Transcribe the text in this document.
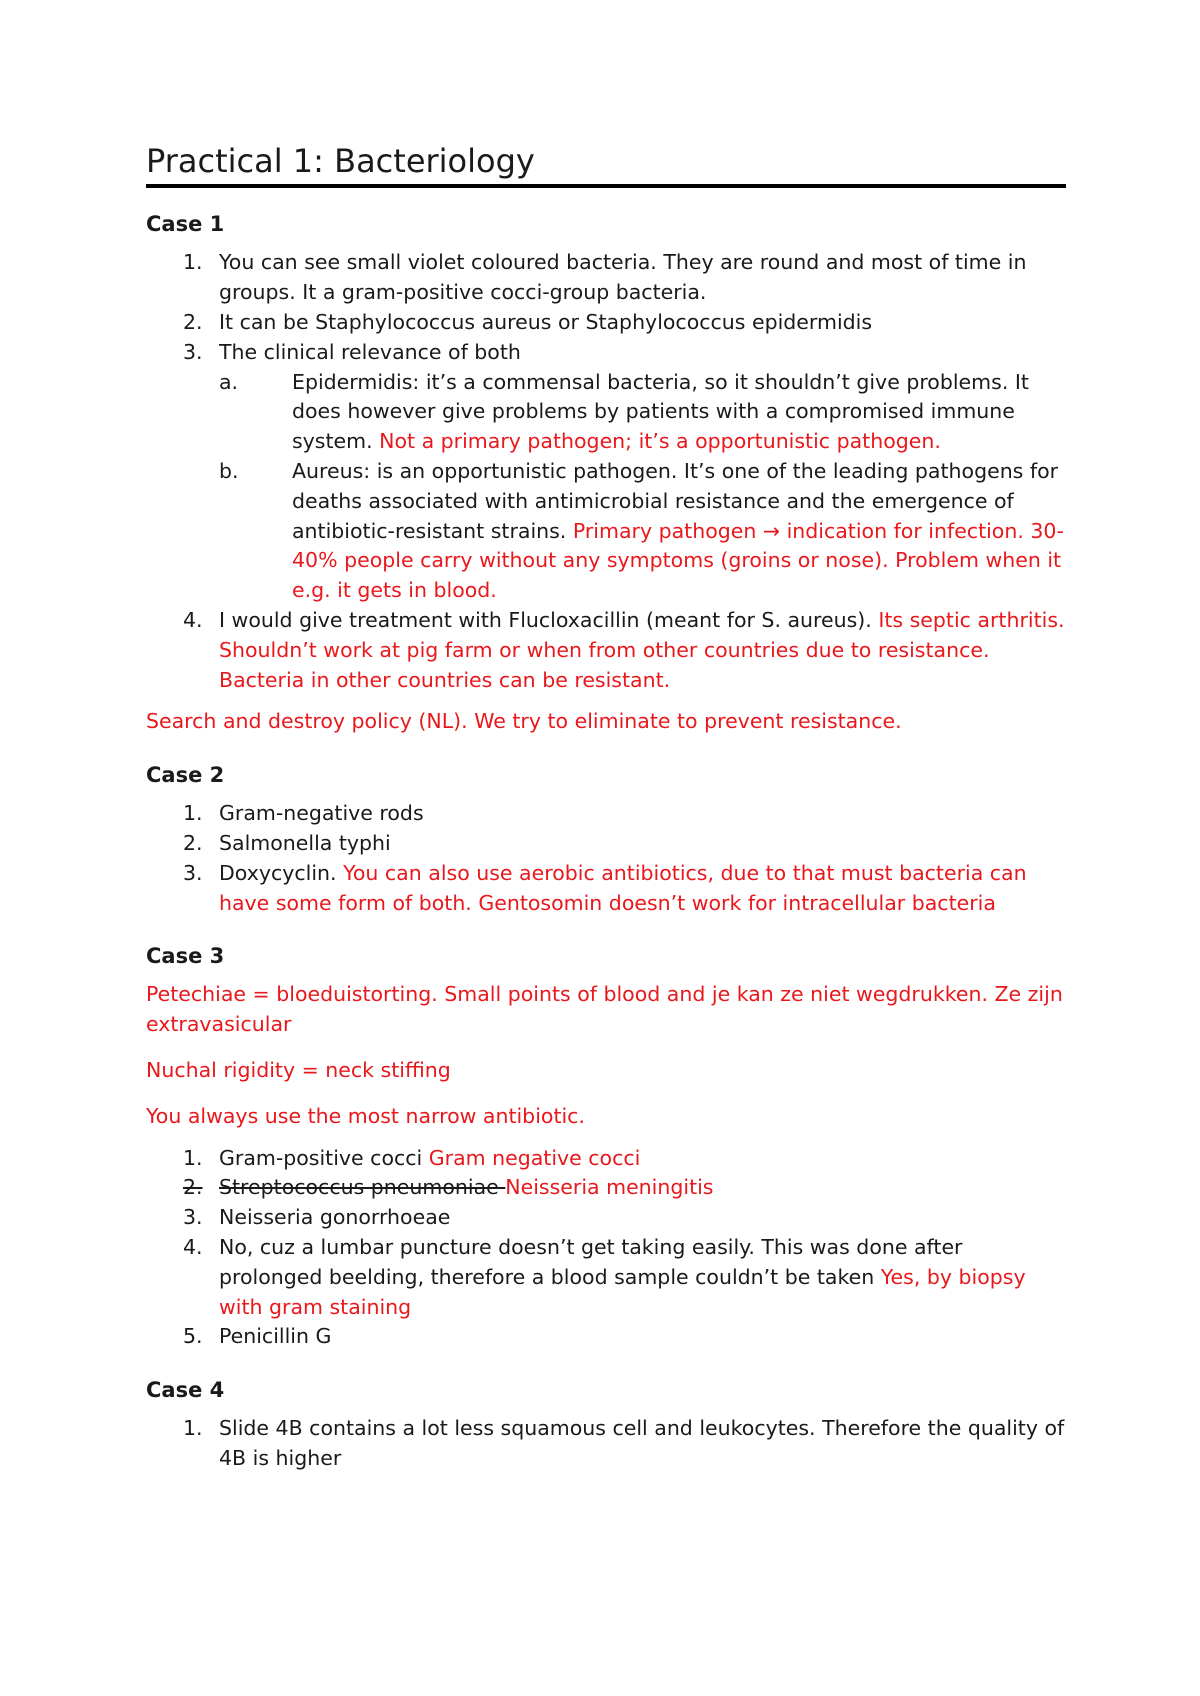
Practical 1: Bacteriology
Case 1
1. You can see small violet coloured bacteria. They are round and most of time in groups. It a gram-positive cocci-group bacteria.
2. It can be Staphylococcus aureus or Staphylococcus epidermidis
3. The clinical relevance of both
a.	Epidermidis: it’s a commensal bacteria, so it shouldn’t give problems. It does however give problems by patients with a compromised immune system. Not a primary pathogen; it’s a opportunistic pathogen.
b.	Aureus: is an opportunistic pathogen. It’s one of the leading pathogens for deaths associated with antimicrobial resistance and the emergence of antibiotic-resistant strains. Primary pathogen → indication for infection. 30-40% people carry without any symptoms (groins or nose). Problem when it e.g. it gets in blood.
4. I would give treatment with Flucloxacillin (meant for S. aureus). Its septic arthritis. Shouldn’t work at pig farm or when from other countries due to resistance. Bacteria in other countries can be resistant.

Search and destroy policy (NL). We try to eliminate to prevent resistance.

Case 2
1. Gram-negative rods
2. Salmonella typhi
3. Doxycyclin. You can also use aerobic antibiotics, due to that must bacteria can have some form of both. Gentosomin doesn’t work for intracellular bacteria
Case 3

Petechiae = bloeduistorting. Small points of blood and je kan ze niet wegdrukken. Ze zijn extravasicular

Nuchal rigidity = neck stiffing

You always use the most narrow antibiotic.

1. Gram-positive cocci Gram negative cocci
2. Streptococcus pneumoniae Neisseria meningitis
3. Neisseria gonorrhoeae
4. No, cuz a lumbar puncture doesn’t get taking easily. This was done after prolonged beelding, therefore a blood sample couldn’t be taken Yes, by biopsy with gram staining
5. Penicillin G
Case 4
1. Slide 4B contains a lot less squamous cell and leukocytes. Therefore the quality of 4B is higher
